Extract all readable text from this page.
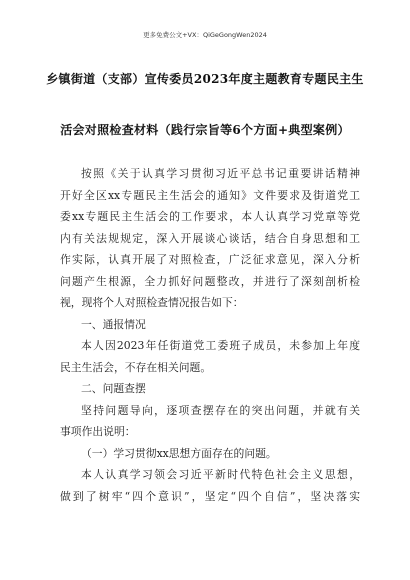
更多免费公文+VX：QiGeGongWen2024
乡镇街道（支部）宣传委员2023年度主题教育专题民主生
活会对照检查材料（践行宗旨等6个方面+典型案例）
按照《关于认真学习贯彻习近平总书记重要讲话精神
开好全区xx专题民主生活会的通知》文件要求及街道党工
委xx专题民主生活会的工作要求，本人认真学习党章等党
内有关法规规定，深入开展谈心谈话，结合自身思想和工
作实际，认真开展了对照检查，广泛征求意见，深入分析
问题产生根源，全力抓好问题整改，并进行了深刻剖析检
视，现将个人对照检查情况报告如下：
一、通报情况
本人因2023年任街道党工委班子成员，未参加上年度
民主生活会，不存在相关问题。
二、问题查摆
坚持问题导向，逐项查摆存在的突出问题，并就有关
事项作出说明：
（一）学习贯彻xx思想方面存在的问题。
本人认真学习领会习近平新时代特色社会主义思想，
做到了树牢“四个意识”，坚定“四个自信”，坚决落实
